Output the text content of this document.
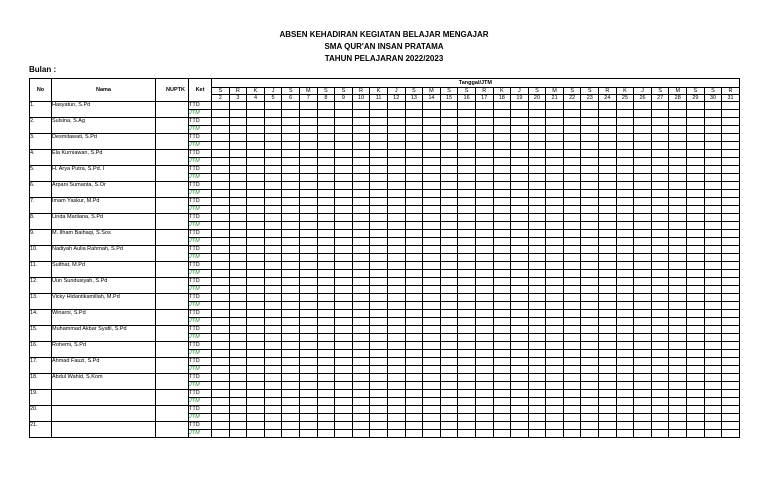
ABSEN KEHADIRAN KEGIATAN BELAJAR MENGAJAR
SMA QUR'AN INSAN PRATAMA
TAHUN PELAJARAN 2022/2023
Bulan :
No	Nama	NUPTK	Ket	Tanggal/JTM																													
				S	R	K	J	S	M	S	S	R	K	J	S	M	S	S	R	K	J	S	M	S	S	R	K	J	S	M	S	S	R
				2	3	4	5	6	7	8	9	10	11	12	13	14	15	16	17	18	19	20	21	22	23	24	25	26	27	28	29	30	31
1.	Hasyatun, S.Pd		TTD																														
			JTM																														
2.	Sulsina, S.Ag		TTD																														
			JTM																														
3.	Desmitawati, S.Pd		TTD																														
			JTM																														
4.	Ela Kurniawan, S.Pd		TTD																														
			JTM																														
5.	H. Arya Putra, S.Pd. I		TTD																														
			JTM																														
6.	Arpani Sumanta, S.Or		TTD																														
			JTM																														
7.	Imam Yaskur, M.Pd		TTD																														
			JTM																														
8.	Linda Marliana, S.Pd		TTD																														
			JTM																														
9.	M. Ilham Baihaqi, S.Sos		TTD																														
			JTM																														
10.	Nadiyah Aulia Rahmah, S.Pd		TTD																														
			JTM																														
11.	Sulthat, M.Pd		TTD																														
			JTM																														
12.	Uun Sundusiyah, S.Pd		TTD																														
			JTM																														
13.	Vicky Hidantikamillah, M.Pd		TTD																														
			JTM																														
14.	Winarni, S.Pd		TTD																														
			JTM																														
15.	Muhammad Akbar Syafii, S.Pd		TTD																														
			JTM																														
16.	Rohemi, S.Pd		TTD																														
			JTM																														
17.	Ahmad Fauzi, S.Pd		TTD																														
			JTM																														
18.	Abdul Wahid, S.Kom		TTD																														
			JTM																														
19.			TTD																														
			JTM																														
20.			TTD																														
			JTM																														
21.			TTD																														
			JTM																														
